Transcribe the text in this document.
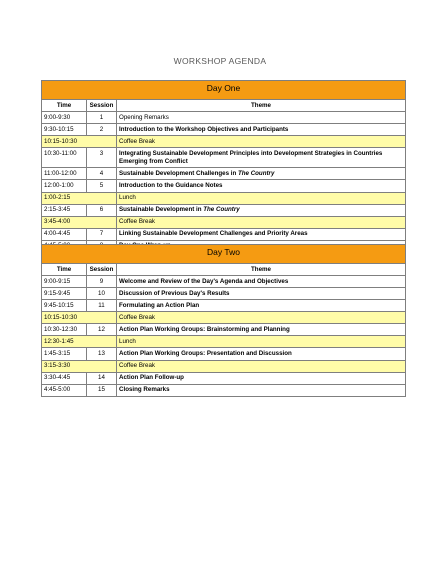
WORKSHOP AGENDA
Day One		
Time	Session	Theme
9:00-9:30	1	Opening Remarks
9:30-10:15	2	Introduction to the Workshop Objectives and Participants
10:15-10:30		Coffee Break
10:30-11:00	3	Integrating Sustainable Development Principles into Development Strategies in Countries Emerging from Conflict
11:00-12:00	4	Sustainable Development Challenges in The Country
12:00-1:00	5	Introduction to the Guidance Notes
1:00-2:15		Lunch
2:15-3:45	6	Sustainable Development in The Country
3:45-4:00		Coffee Break
4:00-4:45	7	Linking Sustainable Development Challenges and Priority Areas

Day Two		
Time	Session	Theme
9:00-9:15	9	Welcome and Review of the Day's Agenda and Objectives
9:15-9:45	10	Discussion of Previous Day's Results
9:45-10:15	11	Formulating an Action Plan
10:15-10:30		Coffee Break
10:30-12:30	12	Action Plan Working Groups: Brainstorming and Planning
12:30-1:45		Lunch
1:45-3:15	13	Action Plan Working Groups: Presentation and Discussion
3:15-3:30		Coffee Break
3:30-4:45	14	Action Plan Follow-up
4:45-5:00	15	Closing Remarks
